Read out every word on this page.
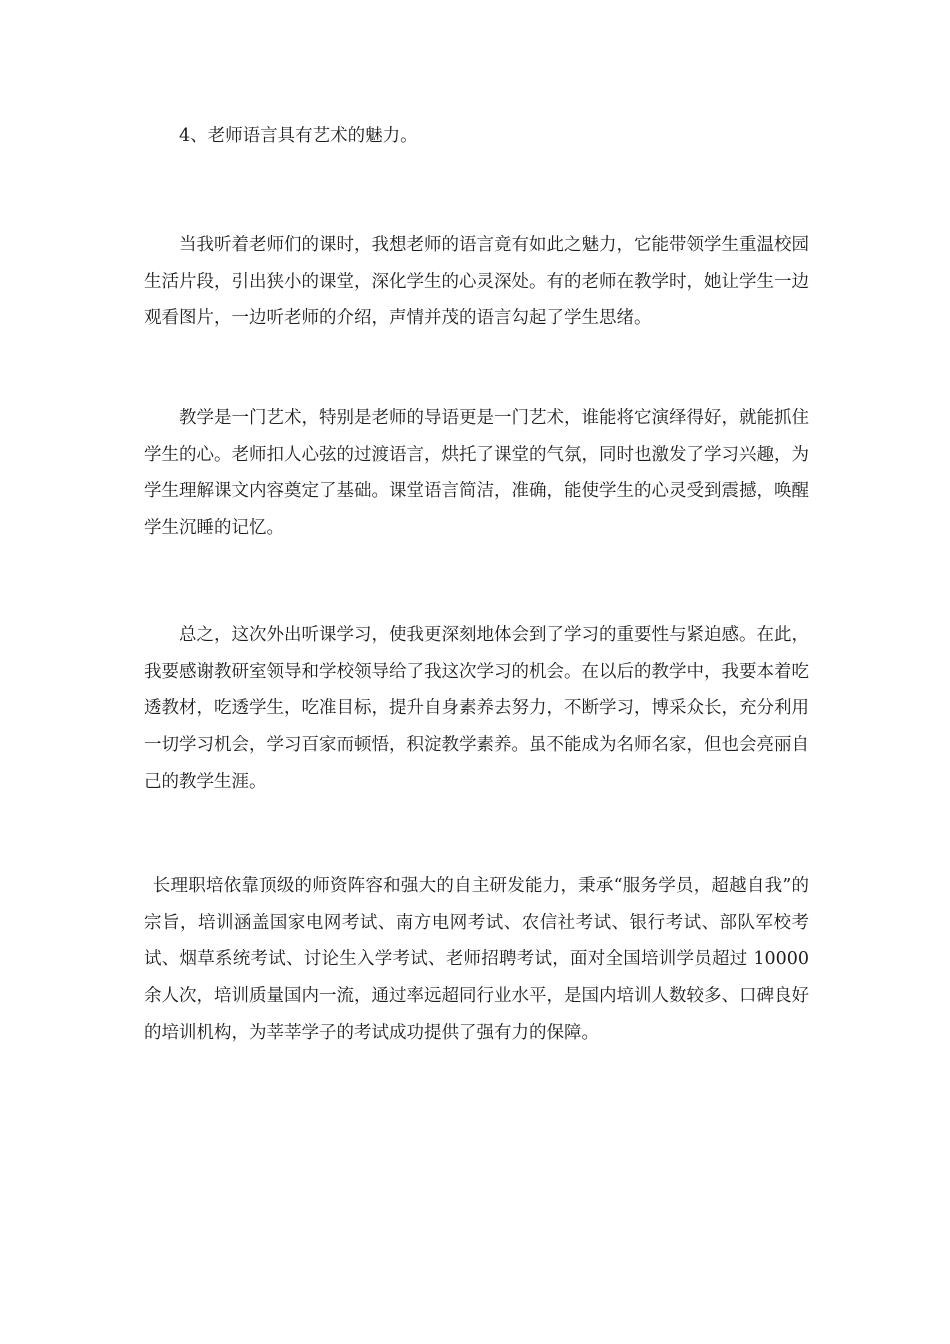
4、老师语言具有艺术的魅力。

当我听着老师们的课时，我想老师的语言竟有如此之魅力，它能带领学生重温校园生活片段，引出狭小的课堂，深化学生的心灵深处。有的老师在教学时，她让学生一边观看图片，一边听老师的介绍，声情并茂的语言勾起了学生思绪。

教学是一门艺术，特别是老师的导语更是一门艺术，谁能将它演绎得好，就能抓住学生的心。老师扣人心弦的过渡语言，烘托了课堂的气氛，同时也激发了学习兴趣，为学生理解课文内容奠定了基础。课堂语言简洁，准确，能使学生的心灵受到震撼，唤醒学生沉睡的记忆。

总之，这次外出听课学习，使我更深刻地体会到了学习的重要性与紧迫感。在此，我要感谢教研室领导和学校领导给了我这次学习的机会。在以后的教学中，我要本着吃透教材，吃透学生，吃准目标，提升自身素养去努力，不断学习，博采众长，充分利用一切学习机会，学习百家而顿悟，积淀教学素养。虽不能成为名师名家，但也会亮丽自己的教学生涯。

长理职培依靠顶级的师资阵容和强大的自主研发能力，秉承“服务学员，超越自我”的宗旨，培训涵盖国家电网考试、南方电网考试、农信社考试、银行考试、部队军校考试、烟草系统考试、讨论生入学考试、老师招聘考试，面对全国培训学员超过 10000 余人次，培训质量国内一流，通过率远超同行业水平，是国内培训人数较多、口碑良好的培训机构，为莘莘学子的考试成功提供了强有力的保障。
